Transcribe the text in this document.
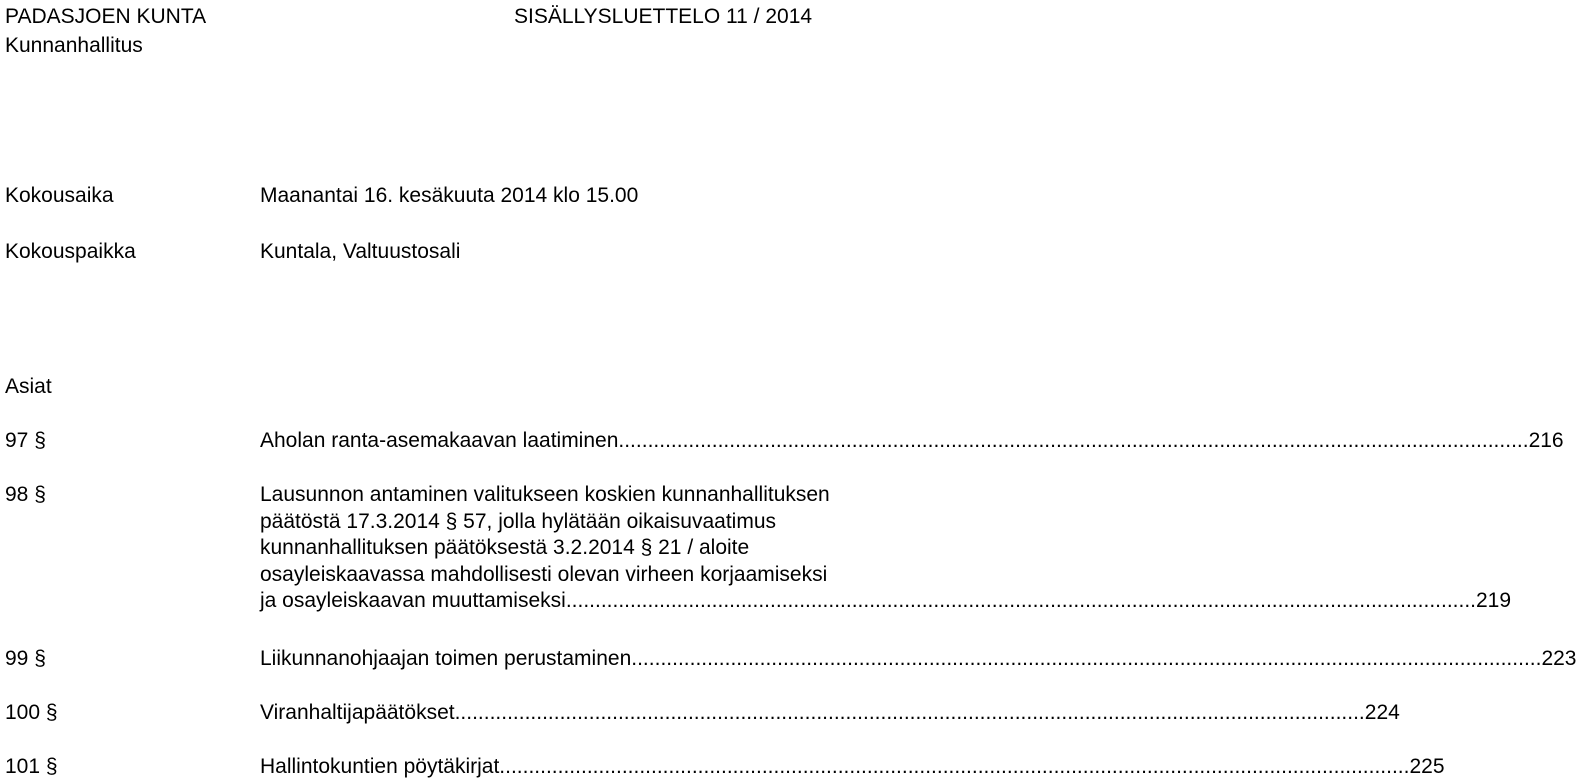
PADASJOEN KUNTA	SISÄLLYSLUETTELO 11 / 2014
Kunnanhallitus
Kokousaika	Maanantai 16. kesäkuuta 2014 klo 15.00
Kokouspaikka	Kuntala, Valtuustosali
Asiat
97 §	Aholan ranta-asemakaavan laatiminen ............................................................................................................................................................ 216
98 §	Lausunnon antaminen valitukseen koskien kunnanhallituksen
päätöstä 17.3.2014 § 57, jolla hylätään oikaisuvaatimus
kunnanhallituksen päätöksestä 3.2.2014 § 21 / aloite
osayleiskaavassa mahdollisesti olevan virheen korjaamiseksi
ja osayleiskaavan muuttamiseksi ............................................................................................................................................................ 219
99 §	Liikunnanohjaajan toimen perustaminen ............................................................................................................................................................ 223
100 §	Viranhaltijapäätökset ............................................................................................................................................................ 224
101 §	Hallintokuntien pöytäkirjat ............................................................................................................................................................ 225
